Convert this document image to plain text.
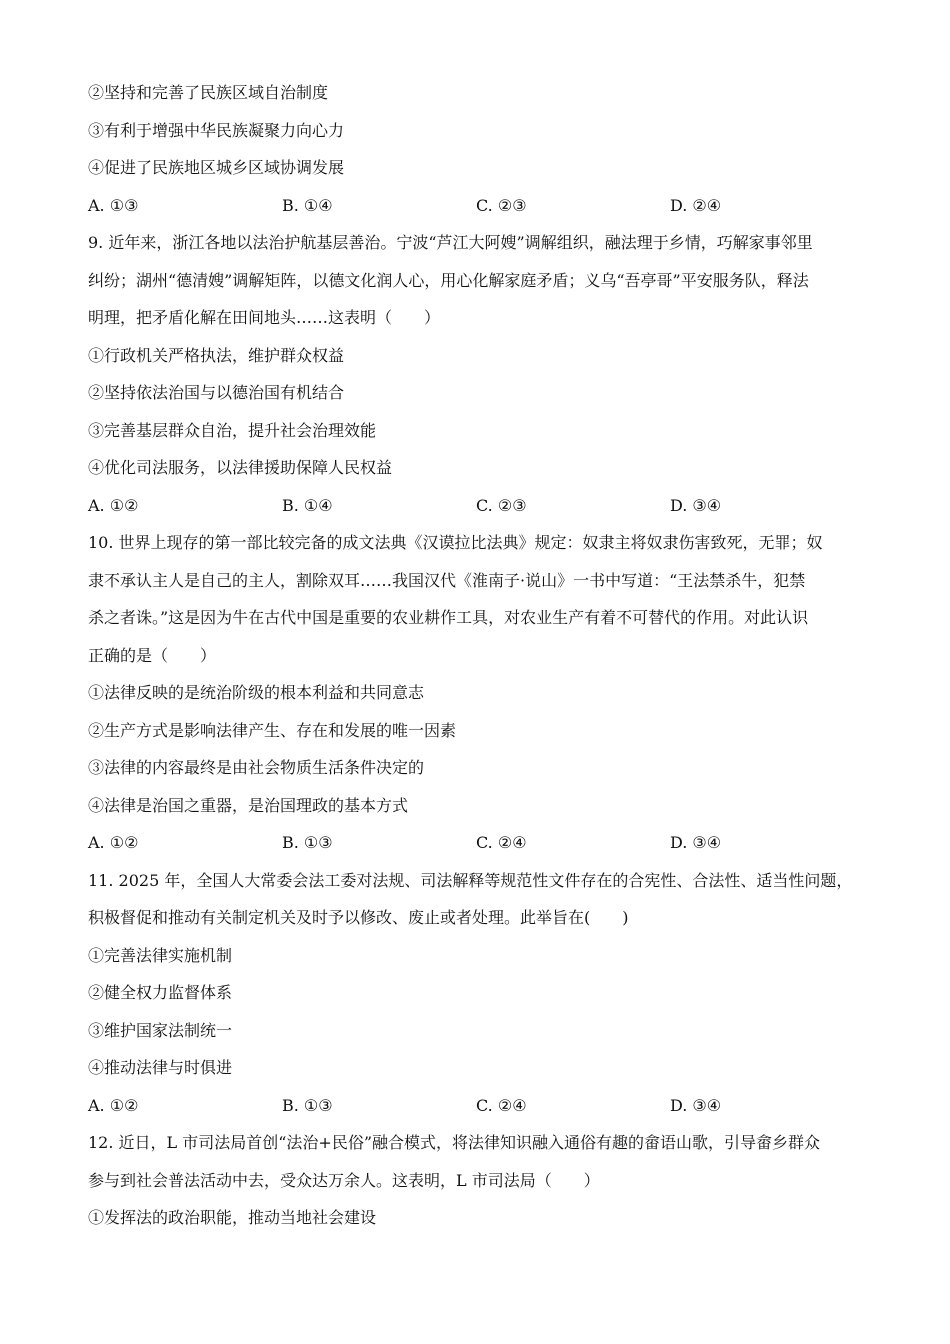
②坚持和完善了民族区域自治制度
③有利于增强中华民族凝聚力向心力
④促进了民族地区城乡区域协调发展
A. ①③	B. ①④	C. ②③	D. ②④
9. 近年来，浙江各地以法治护航基层善治。宁波“芦江大阿嫂”调解组织，融法理于乡情，巧解家事邻里
纠纷；湖州“德清嫂”调解矩阵，以德文化润人心，用心化解家庭矛盾；义乌“吾亭哥”平安服务队，释法
明理，把矛盾化解在田间地头……这表明（　　）
①行政机关严格执法，维护群众权益
②坚持依法治国与以德治国有机结合
③完善基层群众自治，提升社会治理效能
④优化司法服务，以法律援助保障人民权益
A. ①②	B. ①④	C. ②③	D. ③④
10. 世界上现存的第一部比较完备的成文法典《汉谟拉比法典》规定：奴隶主将奴隶伤害致死，无罪；奴
隶不承认主人是自己的主人，割除双耳……我国汉代《淮南子·说山》一书中写道：“王法禁杀牛，犯禁
杀之者诛。”这是因为牛在古代中国是重要的农业耕作工具，对农业生产有着不可替代的作用。对此认识
正确的是（　　）
①法律反映的是统治阶级的根本利益和共同意志
②生产方式是影响法律产生、存在和发展的唯一因素
③法律的内容最终是由社会物质生活条件决定的
④法律是治国之重器，是治国理政的基本方式
A. ①②	B. ①③	C. ②④	D. ③④
11. 2025 年，全国人大常委会法工委对法规、司法解释等规范性文件存在的合宪性、合法性、适当性问题，
积极督促和推动有关制定机关及时予以修改、废止或者处理。此举旨在(　　)
①完善法律实施机制
②健全权力监督体系
③维护国家法制统一
④推动法律与时俱进
A. ①②	B. ①③	C. ②④	D. ③④
12. 近日，L 市司法局首创“法治+民俗”融合模式，将法律知识融入通俗有趣的畲语山歌，引导畲乡群众
参与到社会普法活动中去，受众达万余人。这表明，L 市司法局（　　）
①发挥法的政治职能，推动当地社会建设
